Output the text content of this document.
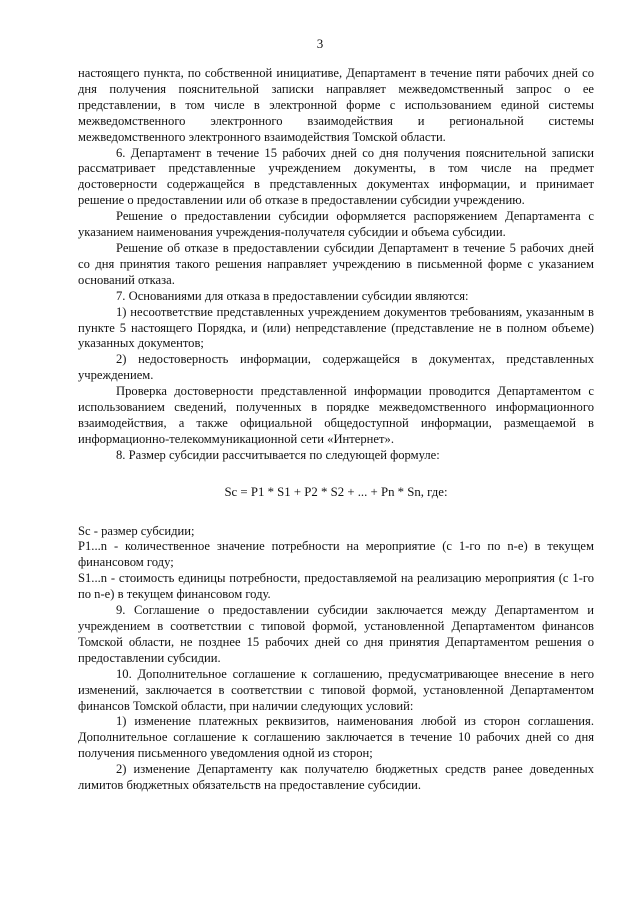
3

настоящего пункта, по собственной инициативе, Департамент в течение пяти рабочих дней со дня получения пояснительной записки направляет межведомственный запрос о ее представлении, в том числе в электронной форме с использованием единой системы межведомственного электронного взаимодействия и региональной системы межведомственного электронного взаимодействия Томской области.

6. Департамент в течение 15 рабочих дней со дня получения пояснительной записки рассматривает представленные учреждением документы, в том числе на предмет достоверности содержащейся в представленных документах информации, и принимает решение о предоставлении или об отказе в предоставлении субсидии учреждению.

Решение о предоставлении субсидии оформляется распоряжением Департамента с указанием наименования учреждения-получателя субсидии и объема субсидии.

Решение об отказе в предоставлении субсидии Департамент в течение 5 рабочих дней со дня принятия такого решения направляет учреждению в письменной форме с указанием оснований отказа.

7. Основаниями для отказа в предоставлении субсидии являются:

1) несоответствие представленных учреждением документов требованиям, указанным в пункте 5 настоящего Порядка, и (или) непредставление (представление не в полном объеме) указанных документов;

2) недостоверность информации, содержащейся в документах, представленных учреждением.

Проверка достоверности представленной информации проводится Департаментом с использованием сведений, полученных в порядке межведомственного информационного взаимодействия, а также официальной общедоступной информации, размещаемой в информационно-телекоммуникационной сети «Интернет».

8. Размер субсидии рассчитывается по следующей формуле:

Sc = P1 * S1 + P2 * S2 + ... + Pn * Sn, где:

Sc - размер субсидии;

P1...n - количественное значение потребности на мероприятие (с 1-го по n-е) в текущем финансовом году;

S1...n - стоимость единицы потребности, предоставляемой на реализацию мероприятия (с 1-го по n-е) в текущем финансовом году.

9. Соглашение о предоставлении субсидии заключается между Департаментом и учреждением в соответствии с типовой формой, установленной Департаментом финансов Томской области, не позднее 15 рабочих дней со дня принятия Департаментом решения о предоставлении субсидии.

10. Дополнительное соглашение к соглашению, предусматривающее внесение в него изменений, заключается в соответствии с типовой формой, установленной Департаментом финансов Томской области, при наличии следующих условий:

1) изменение платежных реквизитов, наименования любой из сторон соглашения. Дополнительное соглашение к соглашению заключается в течение 10 рабочих дней со дня получения письменного уведомления одной из сторон;

2) изменение Департаменту как получателю бюджетных средств ранее доведенных лимитов бюджетных обязательств на предоставление субсидии.
